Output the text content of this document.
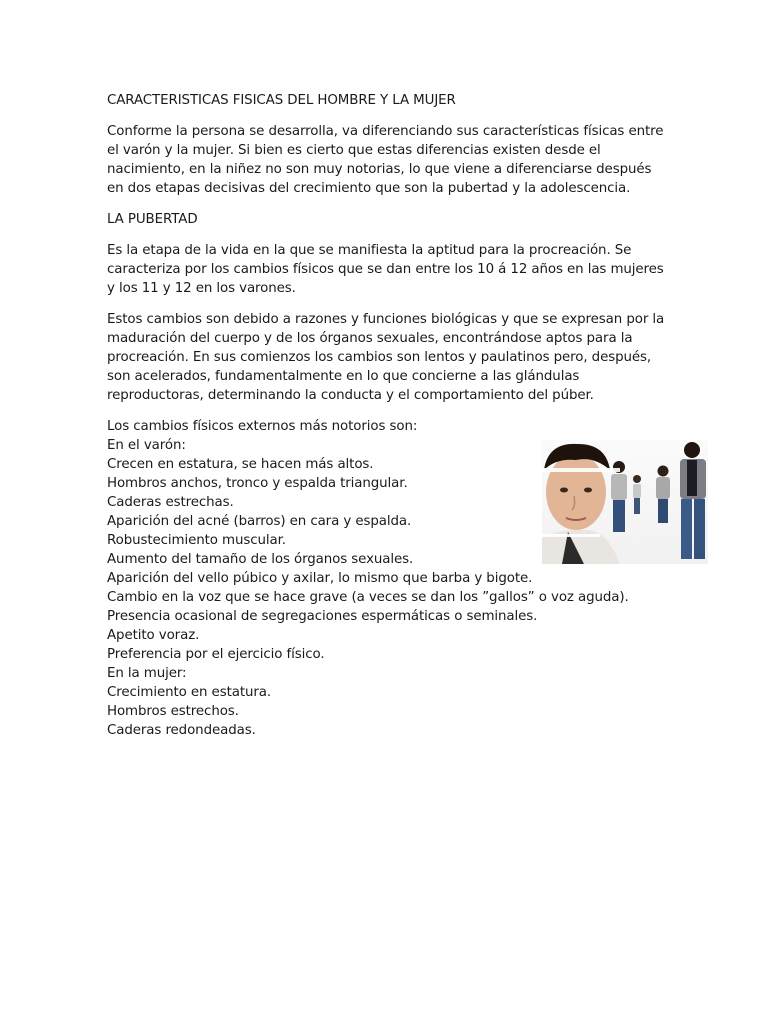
CARACTERISTICAS FISICAS DEL HOMBRE Y LA MUJER

Conforme la persona se desarrolla, va diferenciando sus características físicas entre el varón y la mujer. Si bien es cierto que estas diferencias existen desde el nacimiento, en la niñez no son muy notorias, lo que viene a diferenciarse después en dos etapas decisivas del crecimiento que son la pubertad y la adolescencia.

LA PUBERTAD

Es la etapa de la vida en la que se manifiesta la aptitud para la procreación. Se caracteriza por los cambios físicos que se dan entre los 10 á 12 años en las mujeres y los 11 y 12 en los varones.

Estos cambios son debido a razones y funciones biológicas y que se expresan por la maduración del cuerpo y de los órganos sexuales, encontrándose aptos para la procreación. En sus comienzos los cambios son lentos y paulatinos pero, después, son acelerados, fundamentalmente en lo que concierne a las glándulas reproductoras, determinando la conducta y el comportamiento del púber.

Los cambios físicos externos más notorios son:
En el varón:
Crecen en estatura, se hacen más altos.
Hombros anchos, tronco y espalda triangular.
Caderas estrechas.
Aparición del acné (barros) en cara y espalda.
Robustecimiento muscular.
Aumento del tamaño de los órganos sexuales.
Aparición del vello púbico y axilar, lo mismo que barba y bigote.
Cambio en la voz que se hace grave (a veces se dan los ”gallos” o voz aguda).
Presencia ocasional de segregaciones espermáticas o seminales.
Apetito voraz.
Preferencia por el ejercicio físico.
En la mujer:
Crecimiento en estatura.
Hombros estrechos.
Caderas redondeadas.
